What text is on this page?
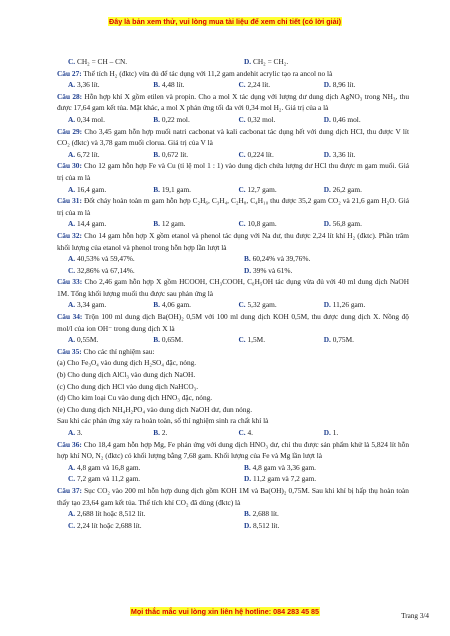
Đây là bản xem thử, vui lòng mua tài liệu để xem chi tiết (có lời giải)
C. CH₂ = CH – CN.	D. CH₂ = CH₂.

Câu 27: Thể tích H₂ (đktc) vừa đủ để tác dụng với 11,2 gam andehit acrylic tạo ra ancol no là

A. 3,36 lít.	B. 4,48 lít.	C. 2,24 lít.	D. 8,96 lít.

Câu 28: Hỗn hợp khí X gồm etilen và propin. Cho a mol X tác dụng với lượng dư dung dịch AgNO₃ trong NH₃, thu được 17,64 gam kết tủa. Mặt khác, a mol X phản ứng tối đa với 0,34 mol H₂. Giá trị của a là

A. 0,34 mol.	B. 0,22 mol.	C. 0,32 mol.	D. 0,46 mol.

Câu 29: Cho 3,45 gam hỗn hợp muối natri cacbonat và kali cacbonat tác dụng hết với dung dịch HCl, thu được V lít CO₂ (đktc) và 3,78 gam muối clorua. Giá trị của V là

A. 6,72 lít.	B. 0,672 lít.	C. 0,224 lít.	D. 3,36 lít.

Câu 30: Cho 12 gam hỗn hợp Fe và Cu (tỉ lệ mol 1 : 1) vào dung dịch chứa lượng dư HCl thu được m gam muối. Giá trị của m là

A. 16,4 gam.	B. 19,1 gam.	C. 12,7 gam.	D. 26,2 gam.

Câu 31: Đốt cháy hoàn toàn m gam hỗn hợp C₂H₆, C₃H₄, C₂H₈, C₄H₁₀ thu được 35,2 gam CO₂ và 21,6 gam H₂O. Giá trị của m là

A. 14,4 gam.	B. 12 gam.	C. 10,8 gam.	D. 56,8 gam.

Câu 32: Cho 14 gam hỗn hợp X gồm etanol và phenol tác dụng với Na dư, thu được 2,24 lít khí H₂ (đktc). Phần trăm khối lượng của etanol và phenol trong hỗn hợp lần lượt là

A. 40,53% và 59,47%.	B. 60,24% và 39,76%.
C. 32,86% và 67,14%.	D. 39% và 61%.

Câu 33: Cho 2,46 gam hỗn hợp X gồm HCOOH, CH₃COOH, C₆H₅OH tác dụng vừa đủ với 40 ml dung dịch NaOH 1M. Tổng khối lượng muối thu được sau phản ứng là

A. 3,34 gam.	B. 4,06 gam.	C. 5,32 gam.	D. 11,26 gam.

Câu 34: Trộn 100 ml dung dịch Ba(OH)₂ 0,5M với 100 ml dung dịch KOH 0,5M, thu được dung dịch X. Nồng độ mol/l của ion OH⁻ trong dung dịch X là

A. 0,55M.	B. 0,65M.	C. 1,5M.	D. 0,75M.

Câu 35: Cho các thí nghiệm sau:

(a) Cho Fe₃O₄ vào dung dịch H₂SO₄ đặc, nóng.

(b) Cho dung dịch AlCl₃ vào dung dịch NaOH.

(c) Cho dung dịch HCl vào dung dịch NaHCO₃.

(d) Cho kim loại Cu vào dung dịch HNO₃ đặc, nóng.

(e) Cho dung dịch NH₄H₂PO₄ vào dung dịch NaOH dư, đun nóng.

Sau khi các phản ứng xảy ra hoàn toàn, số thí nghiệm sinh ra chất khí là

A. 3.	B. 2.	C. 4.	D. 1.

Câu 36: Cho 18,4 gam hỗn hợp Mg, Fe phản ứng với dung dịch HNO₃ dư, chỉ thu được sản phẩm khử là 5,824 lít hỗn hợp khí NO, N₂ (đktc) có khối lượng bằng 7,68 gam. Khối lượng của Fe và Mg lần lượt là

A. 4,8 gam và 16,8 gam.	B. 4,8 gam và 3,36 gam.
C. 7,2 gam và 11,2 gam.	D. 11,2 gam và 7,2 gam.

Câu 37: Sục CO₂ vào 200 ml hỗn hợp dung dịch gồm KOH 1M và Ba(OH)₂ 0,75M. Sau khi khí bị hấp thụ hoàn toàn thấy tạo 23,64 gam kết tủa. Thể tích khí CO₂ đã dùng (đktc) là

A. 2,688 lít hoặc 8,512 lít.	B. 2,688 lít.
C. 2,24 lít hoặc 2,688 lít.	D. 8,512 lít.
Mọi thắc mắc vui lòng xin liên hệ hotline: 084 283 45 85	Trang 3/4
